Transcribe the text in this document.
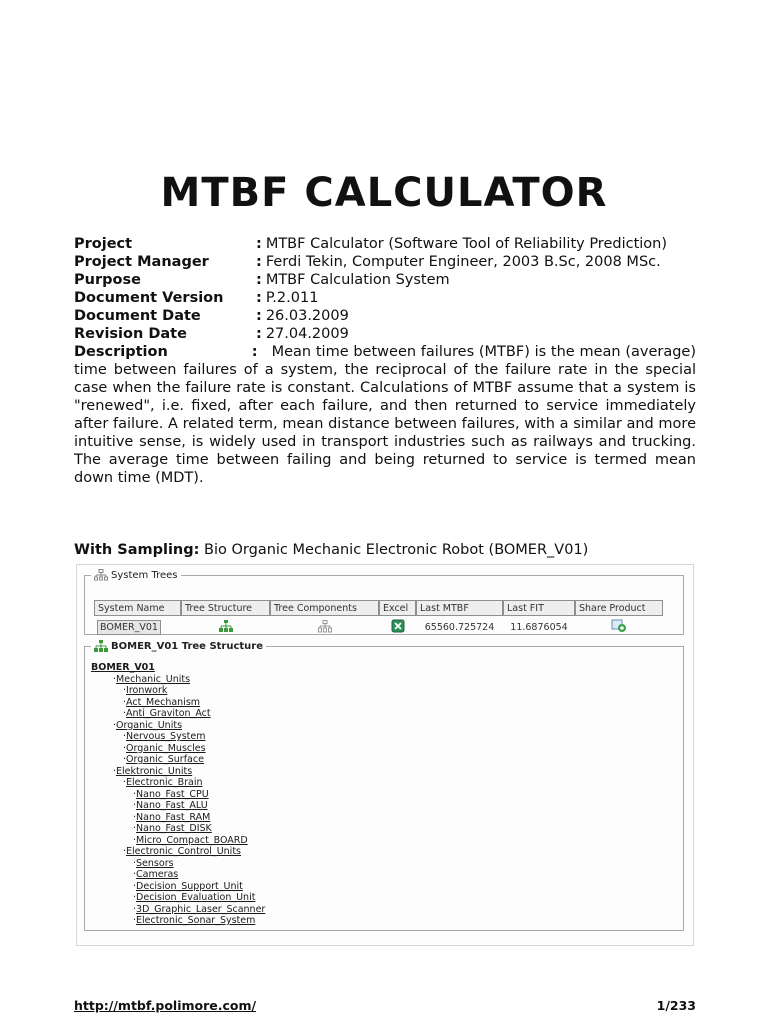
MTBF CALCULATOR
Project	: MTBF Calculator (Software Tool of Reliability Prediction)
Project Manager	: Ferdi Tekin, Computer Engineer, 2003 B.Sc, 2008 MSc.
Purpose	: MTBF Calculation System
Document Version : P.2.011
Document Date	: 26.03.2009
Revision Date	: 27.04.2009
Description	: Mean time between failures (MTBF) is the mean (average) time between failures of a system, the reciprocal of the failure rate in the special case when the failure rate is constant. Calculations of MTBF assume that a system is "renewed", i.e. fixed, after each failure, and then returned to service immediately after failure. A related term, mean distance between failures, with a similar and more intuitive sense, is widely used in transport industries such as railways and trucking. The average time between failing and being returned to service is termed mean down time (MDT).
With Sampling: Bio Organic Mechanic Electronic Robot (BOMER_V01)
System Trees
System Name	Tree Structure	Tree Components	Excel	Last MTBF	Last FIT	Share Product
BOMER_V01				65560.725724	11.6876054	
BOMER_V01 Tree Structure
BOMER_V01
·Mechanic_Units
·Ironwork
·Act_Mechanism
·Anti_Graviton_Act
·Organic_Units
·Nervous_System
·Organic_Muscles
·Organic_Surface
·Elektronic_Units
·Electronic_Brain
·Nano_Fast_CPU
·Nano_Fast_ALU
·Nano_Fast_RAM
·Nano_Fast_DISK
·Micro_Compact_BOARD
·Electronic_Control_Units
·Sensors
·Cameras
·Decision_Support_Unit
·Decision_Evaluation_Unit
·3D_Graphic_Laser_Scanner
·Electronic_Sonar_System
http://mtbf.polimore.com/	1/233
